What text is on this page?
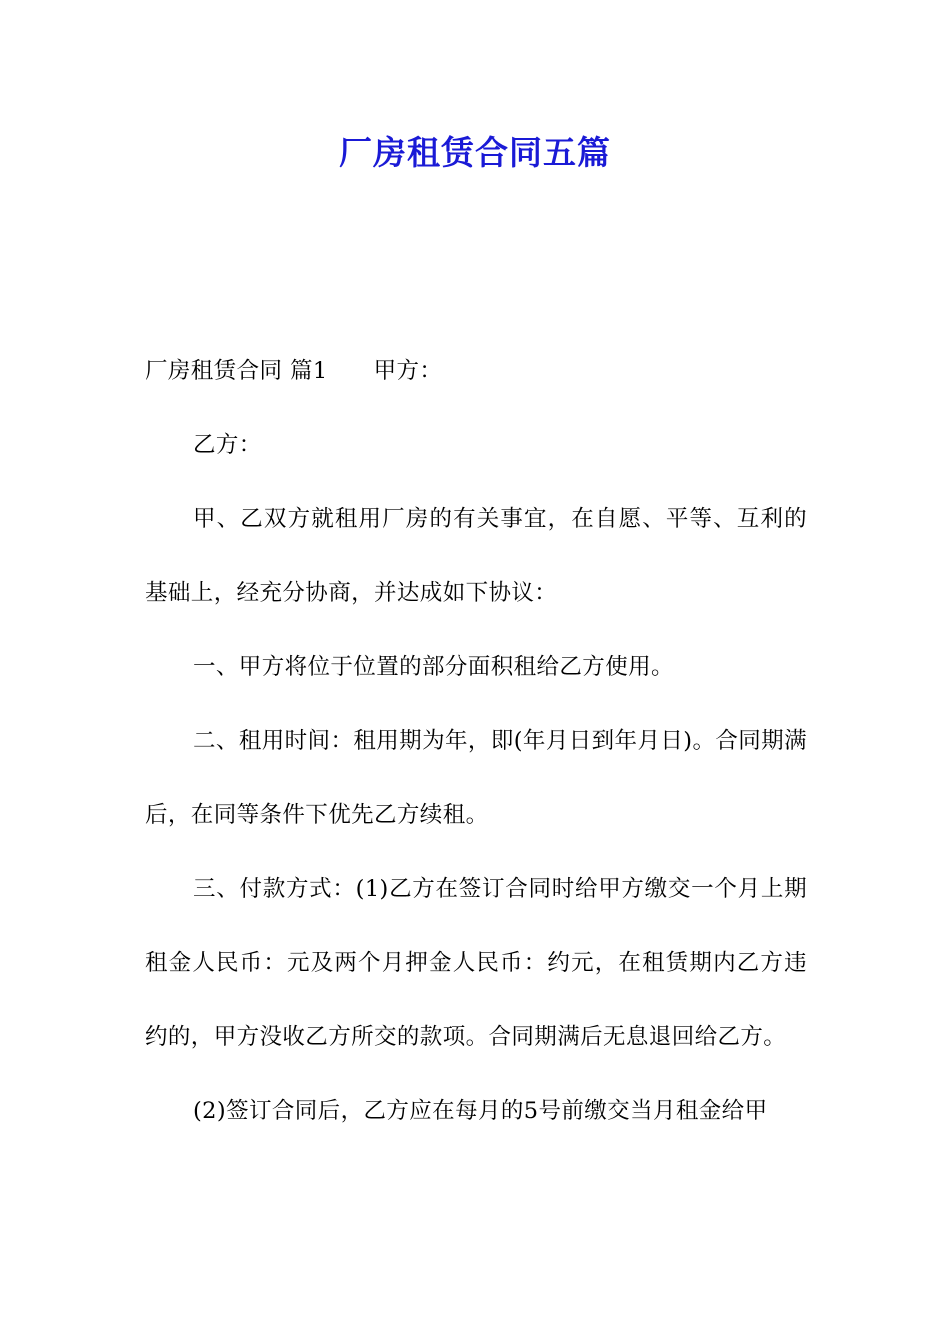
厂房租赁合同五篇

厂房租赁合同 篇1 甲方：

乙方：

甲、乙双方就租用厂房的有关事宜，在自愿、平等、互利的基础上，经充分协商，并达成如下协议：

一、甲方将位于位置的部分面积租给乙方使用。

二、租用时间：租用期为年，即(年月日到年月日)。合同期满后，在同等条件下优先乙方续租。

三、付款方式：(1)乙方在签订合同时给甲方缴交一个月上期租金人民币：元及两个月押金人民币：约元，在租赁期内乙方违约的，甲方没收乙方所交的款项。合同期满后无息退回给乙方。

(2)签订合同后，乙方应在每月的5号前缴交当月租金给甲
